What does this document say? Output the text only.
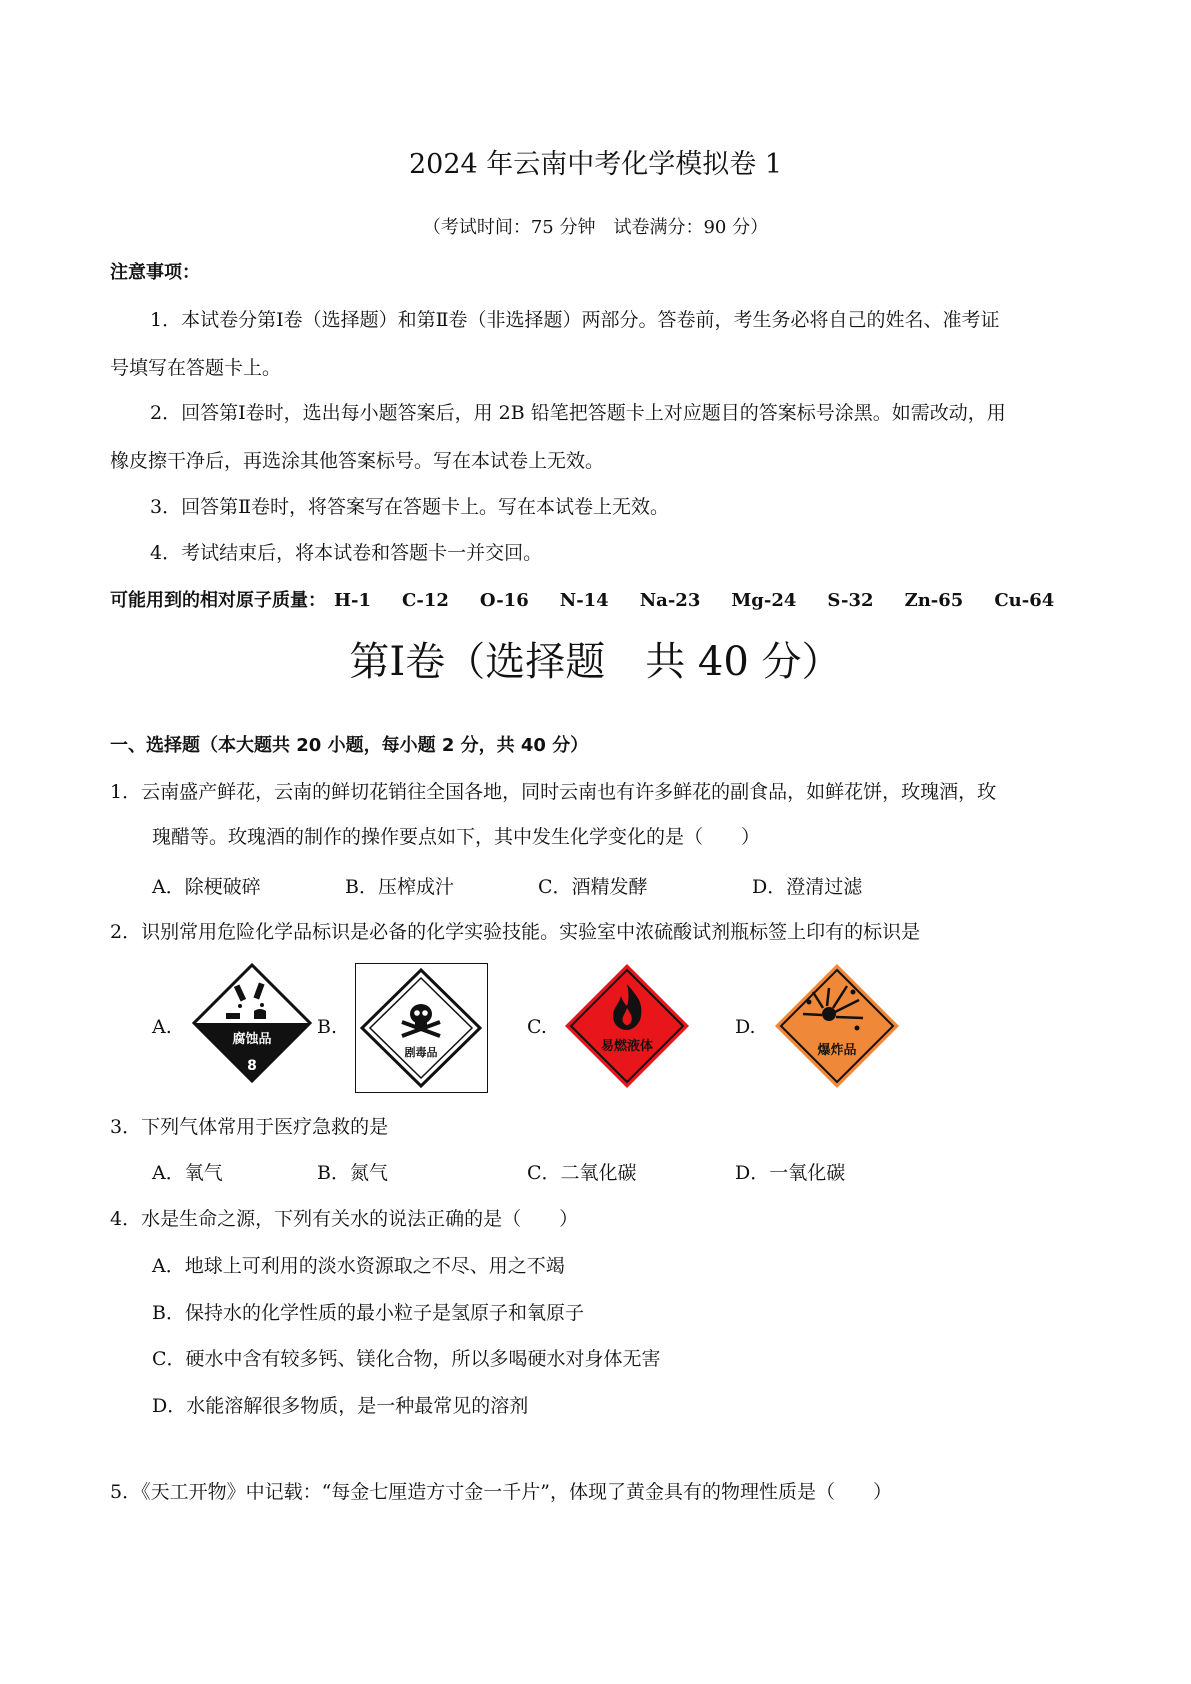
2024 年云南中考化学模拟卷 1
（考试时间：75 分钟　试卷满分：90 分）
注意事项：
1．本试卷分第Ⅰ卷（选择题）和第Ⅱ卷（非选择题）两部分。答卷前，考生务必将自己的姓名、准考证
号填写在答题卡上。
2．回答第Ⅰ卷时，选出每小题答案后，用 2B 铅笔把答题卡上对应题目的答案标号涂黑。如需改动，用
橡皮擦干净后，再选涂其他答案标号。写在本试卷上无效。
3．回答第Ⅱ卷时，将答案写在答题卡上。写在本试卷上无效。
4．考试结束后，将本试卷和答题卡一并交回。
可能用到的相对原子质量： H-1 C-12 O-16 N-14 Na-23 Mg-24 S-32 Zn-65 Cu-64
第Ⅰ卷（选择题　共 40 分）
一、选择题（本大题共 20 小题，每小题 2 分，共 40 分）
1．云南盛产鲜花，云南的鲜切花销往全国各地，同时云南也有许多鲜花的副食品，如鲜花饼，玫瑰酒，玫
瑰醋等。玫瑰酒的制作的操作要点如下，其中发生化学变化的是（　　）
A．除梗破碎	B．压榨成汁	C．酒精发酵	D．澄清过滤
2．识别常用危险化学品标识是必备的化学实验技能。实验室中浓硫酸试剂瓶标签上印有的标识是
A.	B.	C.	D.
腐蚀品
8
剧毒品	易燃液体	爆炸品
3．下列气体常用于医疗急救的是
A．氧气	B．氮气	C．二氧化碳	D．一氧化碳
4．水是生命之源，下列有关水的说法正确的是（　　）
A．地球上可利用的淡水资源取之不尽、用之不竭
B．保持水的化学性质的最小粒子是氢原子和氧原子
C．硬水中含有较多钙、镁化合物，所以多喝硬水对身体无害
D．水能溶解很多物质，是一种最常见的溶剂
5．《天工开物》中记载：“每金七厘造方寸金一千片”，体现了黄金具有的物理性质是（　　）
